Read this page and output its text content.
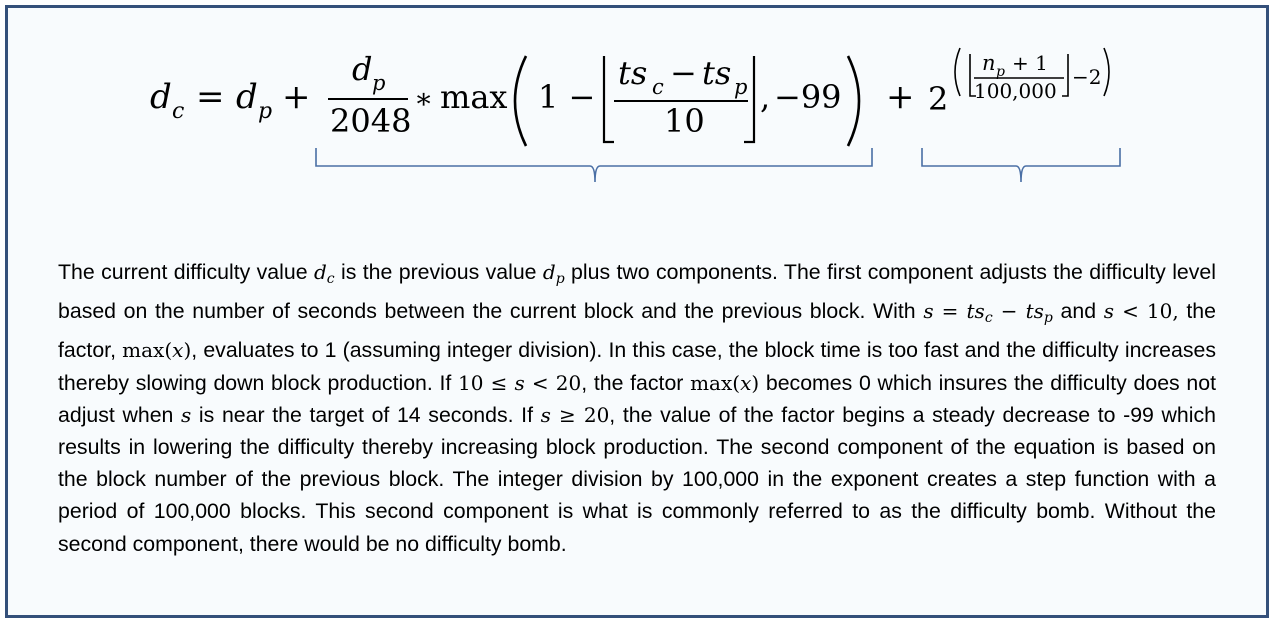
d c = d p +
d p
2048
∗ max 1 −
ts c − ts p
10
, −99 + 2
n p + 1
100,000
−2
The current difficulty value $d_c$ is the previous value $d_p$ plus two components. The first component adjusts the difficulty level based on the number of seconds between the current block and the previous block. With $s = ts_c - ts_p$ and s < 10, the factor, max(x), evaluates to 1 (assuming integer division). In this case, the block time is too fast and the difficulty increases thereby slowing down block production. If 10 ≤ s < 20, the factor max(x) becomes 0 which insures the difficulty does not adjust when s is near the target of 14 seconds. If s ≥ 20, the value of the factor begins a steady decrease to -99 which results in lowering the difficulty thereby increasing block production. The second component of the equation is based on the block number of the previous block. The integer division by 100,000 in the exponent creates a step function with a period of 100,000 blocks. This second component is what is commonly referred to as the difficulty bomb. Without the second component, there would be no difficulty bomb.
